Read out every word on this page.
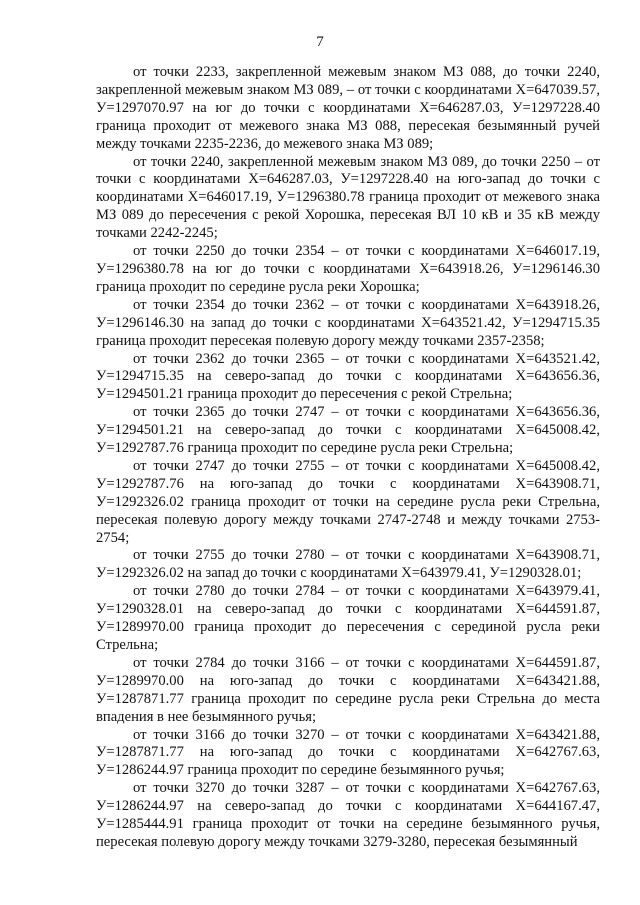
7

от точки 2233, закрепленной межевым знаком МЗ 088, до точки 2240, закрепленной межевым знаком МЗ 089, – от точки с координатами Х=647039.57, У=1297070.97 на юг до точки с координатами Х=646287.03, У=1297228.40 граница проходит от межевого знака МЗ 088, пересекая безымянный ручей между точками 2235-2236, до межевого знака МЗ 089;

от точки 2240, закрепленной межевым знаком МЗ 089, до точки 2250 – от точки с координатами Х=646287.03, У=1297228.40 на юго-запад до точки с координатами Х=646017.19, У=1296380.78 граница проходит от межевого знака МЗ 089 до пересечения с рекой Хорошка, пересекая ВЛ 10 кВ и 35 кВ между точками 2242-2245;

от точки 2250 до точки 2354 – от точки с координатами Х=646017.19, У=1296380.78 на юг до точки с координатами Х=643918.26, У=1296146.30 граница проходит по середине русла реки Хорошка;

от точки 2354 до точки 2362 – от точки с координатами Х=643918.26, У=1296146.30 на запад до точки с координатами Х=643521.42, У=1294715.35 граница проходит пересекая полевую дорогу между точками 2357-2358;

от точки 2362 до точки 2365 – от точки с координатами Х=643521.42, У=1294715.35 на северо-запад до точки с координатами Х=643656.36, У=1294501.21 граница проходит до пересечения с рекой Стрельна;

от точки 2365 до точки 2747 – от точки с координатами Х=643656.36, У=1294501.21 на северо-запад до точки с координатами Х=645008.42, У=1292787.76 граница проходит по середине русла реки Стрельна;

от точки 2747 до точки 2755 – от точки с координатами Х=645008.42, У=1292787.76 на юго-запад до точки с координатами Х=643908.71, У=1292326.02 граница проходит от точки на середине русла реки Стрельна, пересекая полевую дорогу между точками 2747-2748 и между точками 2753-2754;

от точки 2755 до точки 2780 – от точки с координатами Х=643908.71, У=1292326.02 на запад до точки с координатами Х=643979.41, У=1290328.01;

от точки 2780 до точки 2784 – от точки с координатами Х=643979.41, У=1290328.01 на северо-запад до точки с координатами Х=644591.87, У=1289970.00 граница проходит до пересечения с серединой русла реки Стрельна;

от точки 2784 до точки 3166 – от точки с координатами Х=644591.87, У=1289970.00 на юго-запад до точки с координатами Х=643421.88, У=1287871.77 граница проходит по середине русла реки Стрельна до места впадения в нее безымянного ручья;

от точки 3166 до точки 3270 – от точки с координатами Х=643421.88, У=1287871.77 на юго-запад до точки с координатами Х=642767.63, У=1286244.97 граница проходит по середине безымянного ручья;

от точки 3270 до точки 3287 – от точки с координатами Х=642767.63, У=1286244.97 на северо-запад до точки с координатами Х=644167.47, У=1285444.91 граница проходит от точки на середине безымянного ручья, пересекая полевую дорогу между точками 3279-3280, пересекая безымянный
